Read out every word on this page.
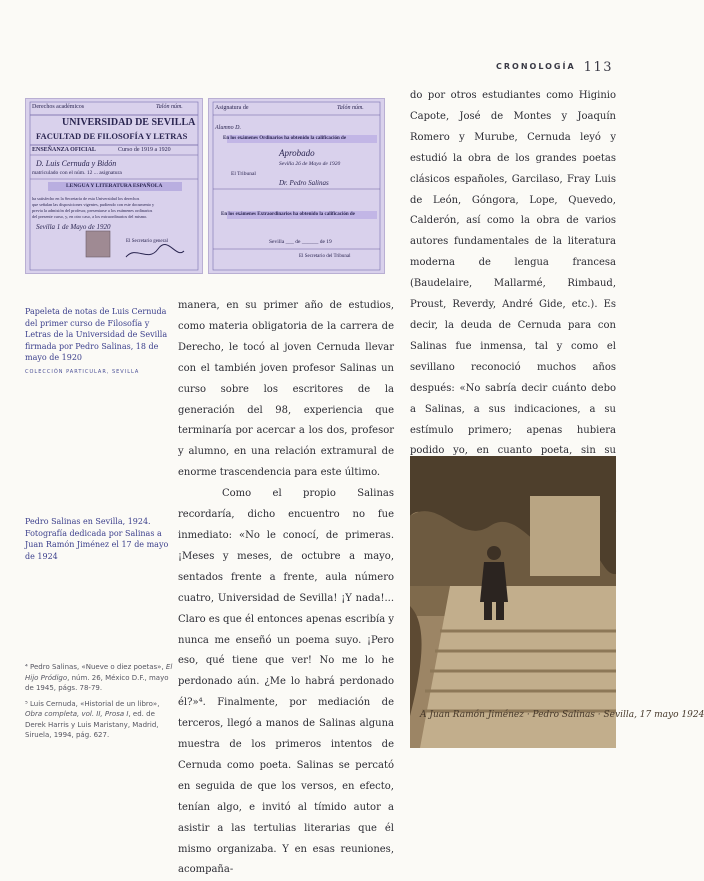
CRONOLOGÍA 113
Derechos académicos	Talón núm.
UNIVERSIDAD DE SEVILLA
FACULTAD DE FILOSOFÍA Y LETRAS
ENSEÑANZA OFICIAL	Curso de 1919 a 1920
D. Luis Cernuda y Bidón
matriculado con el núm. 12 ... asignatura
LENGUA Y LITERATURA ESPAÑOLA
ha satisfecho en la Secretaría de esta Universidad los derechos
que señalan las disposiciones vigentes, pudiendo con este documento y
previa la admisión del profesor, presentarse a los exámenes ordinarios
del presente curso, y, en otro caso, a los extraordinarios del mismo.
Sevilla 1 de Mayo de 1920
El Secretario general
Asignatura de	Talón núm.
Alumno D.
En los exámenes Ordinarios ha obtenido la calificación de
Aprobado
Sevilla 26 de Mayo de 1920
El Tribunal
Dr. Pedro Salinas
En los exámenes Extraordinarios ha obtenido la calificación de
Sevilla ___ de ______ de 19
El Secretario del Tribunal
Papeleta de notas de Luis Cernuda del primer curso de Filosofía y Letras de la Universidad de Sevilla firmada por Pedro Salinas, 18 de mayo de 1920
COLECCIÓN PARTICULAR, SEVILLA
Pedro Salinas en Sevilla, 1924. Fotografía dedicada por Salinas a Juan Ramón Jiménez el 17 de mayo de 1924

⁴ Pedro Salinas, «Nueve o diez poetas», El Hijo Pródigo, núm. 26, México D.F., mayo de 1945, págs. 78-79.

⁵ Luis Cernuda, «Historial de un libro», Obra completa, vol. II, Prosa I, ed. de Derek Harris y Luis Maristany, Madrid, Siruela, 1994, pág. 627.

manera, en su primer año de estudios, como materia obligatoria de la carrera de Derecho, le tocó al joven Cernuda llevar con el también joven profesor Salinas un curso sobre los escritores de la generación del 98, experiencia que terminaría por acercar a los dos, profesor y alumno, en una relación extramural de enorme trascendencia para este último.

Como el propio Salinas recordaría, dicho encuentro no fue inmediato: «No le conocí, de primeras. ¡Meses y meses, de octubre a mayo, sentados frente a frente, aula número cuatro, Universidad de Sevilla! ¡Y nada!... Claro es que él entonces apenas escribía y nunca me enseñó un poema suyo. ¡Pero eso, qué tiene que ver! No me lo he perdonado aún. ¿Me lo habrá perdonado él?»⁴. Finalmente, por mediación de terceros, llegó a manos de Salinas alguna muestra de los primeros intentos de Cernuda como poeta. Salinas se percató en seguida de que los versos, en efecto, tenían algo, e invitó al tímido autor a asistir a las tertulias literarias que él mismo organizaba. Y en esas reuniones, acompaña-

do por otros estudiantes como Higinio Capote, José de Montes y Joaquín Romero y Murube, Cernuda leyó y estudió la obra de los grandes poetas clásicos españoles, Garcilaso, Fray Luis de León, Góngora, Lope, Quevedo, Calderón, así como la obra de varios autores fundamentales de la literatura moderna de lengua francesa (Baudelaire, Mallarmé, Rimbaud, Proust, Reverdy, André Gide, etc.). Es decir, la deuda de Cernuda para con Salinas fue inmensa, tal y como el sevillano reconoció muchos años después: «No sabría decir cuánto debo a Salinas, a sus indicaciones, a su estímulo primero; apenas hubiera podido yo, en cuanto poeta, sin su

A Juan Ramón Jiménez · Pedro Salinas · Sevilla, 17 mayo 1924
